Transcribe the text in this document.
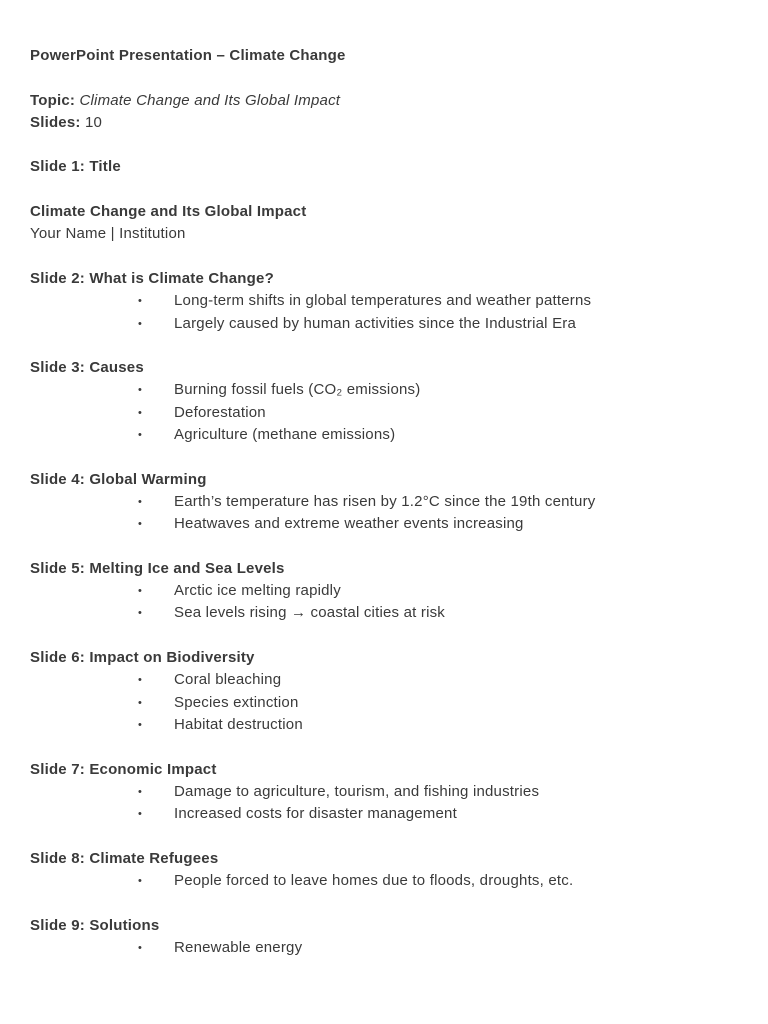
PowerPoint Presentation – Climate Change
Topic: Climate Change and Its Global Impact
Slides: 10
Slide 1: Title
Climate Change and Its Global Impact
Your Name | Institution
Slide 2: What is Climate Change?
• Long-term shifts in global temperatures and weather patterns
• Largely caused by human activities since the Industrial Era
Slide 3: Causes
• Burning fossil fuels (CO₂ emissions)
• Deforestation
• Agriculture (methane emissions)
Slide 4: Global Warming
• Earth’s temperature has risen by 1.2°C since the 19th century
• Heatwaves and extreme weather events increasing
Slide 5: Melting Ice and Sea Levels
• Arctic ice melting rapidly
• Sea levels rising → coastal cities at risk
Slide 6: Impact on Biodiversity
• Coral bleaching
• Species extinction
• Habitat destruction
Slide 7: Economic Impact
• Damage to agriculture, tourism, and fishing industries
• Increased costs for disaster management
Slide 8: Climate Refugees
• People forced to leave homes due to floods, droughts, etc.
Slide 9: Solutions
• Renewable energy
